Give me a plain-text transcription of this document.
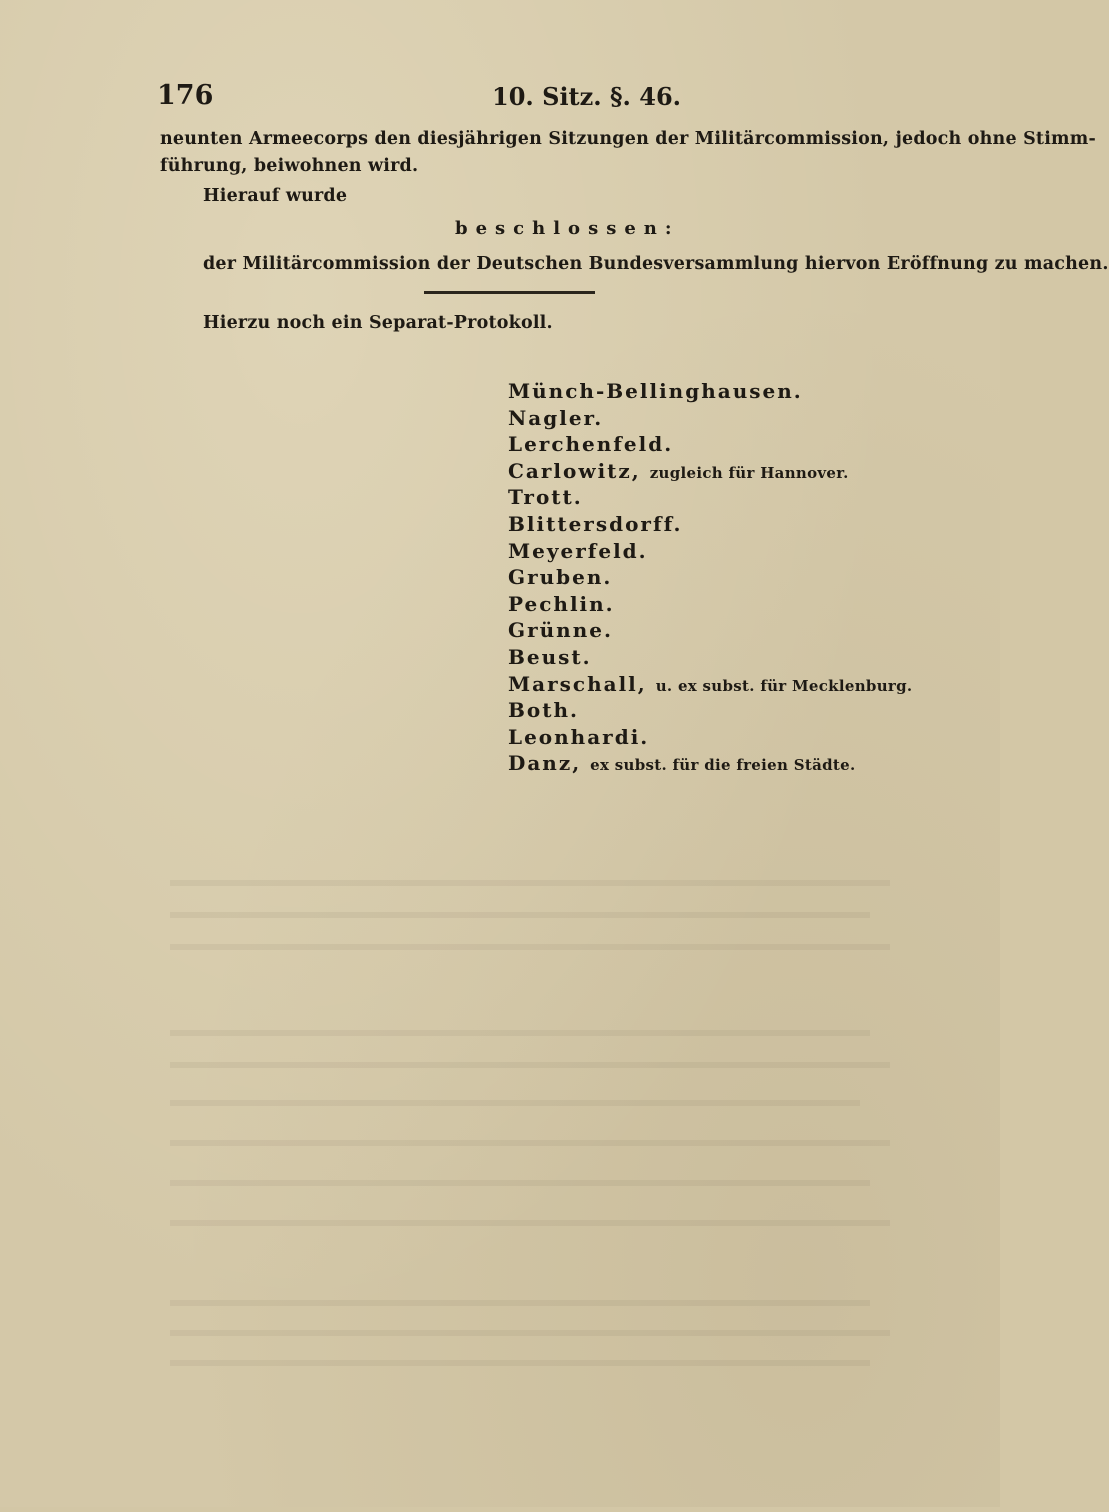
176	10. Sitz. §. 46.
neunten Armeecorps den diesjährigen Sitzungen der Militärcommission, jedoch ohne Stimm-
führung, beiwohnen wird.
Hierauf wurde
beschlossen:
der Militärcommission der Deutschen Bundesversammlung hiervon Eröffnung zu machen.
Hierzu noch ein Separat-Protokoll.
Münch-Bellinghausen.
Nagler.
Lerchenfeld.
Carlowitz, zugleich für Hannover.
Trott.
Blittersdorff.
Meyerfeld.
Gruben.
Pechlin.
Grünne.
Beust.
Marschall, u. ex subst. für Mecklenburg.
Both.
Leonhardi.
Danz, ex subst. für die freien Städte.
